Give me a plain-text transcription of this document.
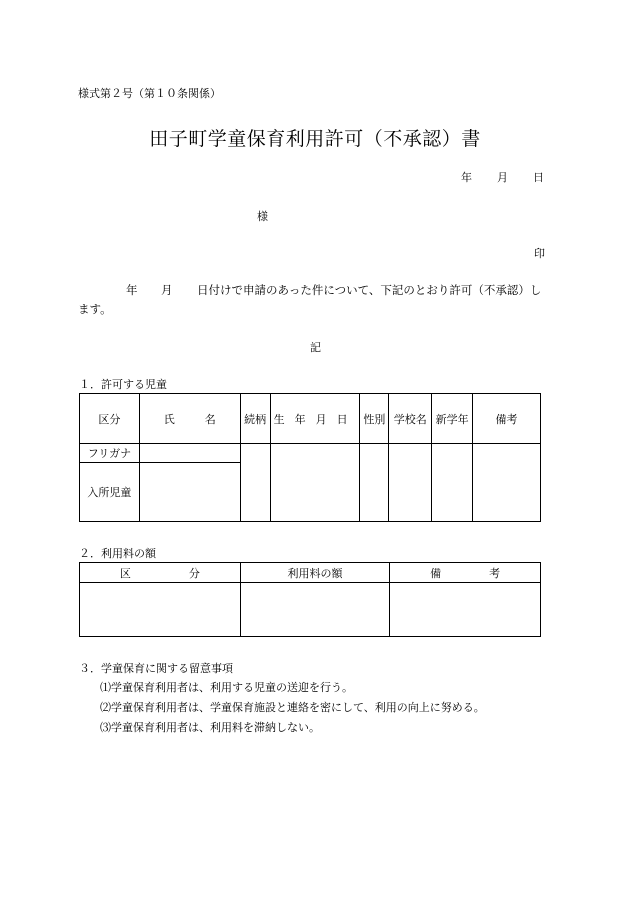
様式第２号（第１０条関係）
田子町学童保育利用許可（不承認）書
年 月 日
様
印
年 月 日付けで申請のあった件について、下記のとおり許可（不承認）し
ます。
記
１．許可する児童
区分	氏 名	続柄	生 年 月 日	性別	学校名	新学年	備考
フリガナ							
入所児童							
２．利用料の額
区 分	利用料の額	備 考

３．学童保育に関する留意事項
⑴学童保育利用者は、利用する児童の送迎を行う。
⑵学童保育利用者は、学童保育施設と連絡を密にして、利用の向上に努める。
⑶学童保育利用者は、利用料を滞納しない。
